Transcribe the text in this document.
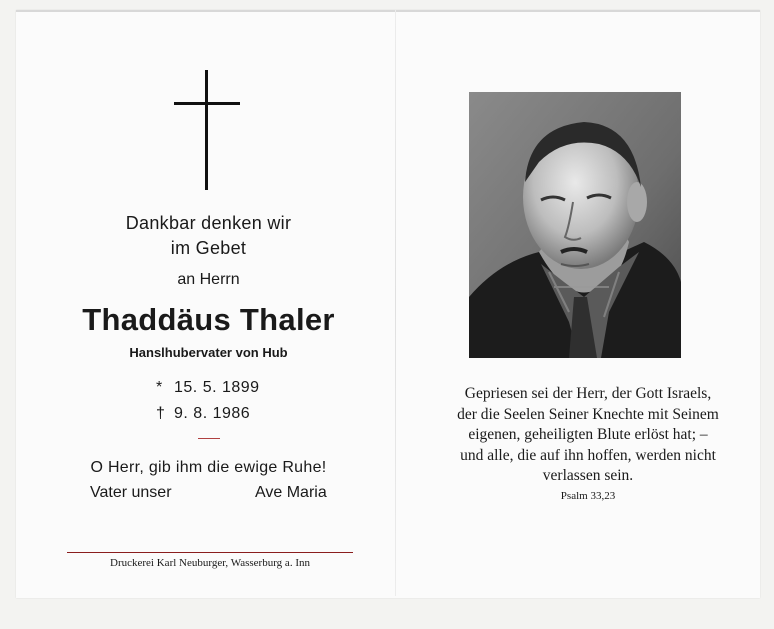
Dankbar denken wir
im Gebet
an Herrn
Thaddäus Thaler
Hanslhubervater von Hub
* 15. 5. 1899
† 9. 8. 1986
O Herr, gib ihm die ewige Ruhe!
Vater unser	Ave Maria
Druckerei Karl Neuburger, Wasserburg a. Inn
Gepriesen sei der Herr, der Gott Israels,
der die Seelen Seiner Knechte mit Seinem
eigenen, geheiligten Blute erlöst hat; –
und alle, die auf ihn hoffen, werden nicht
verlassen sein.
Psalm 33,23
